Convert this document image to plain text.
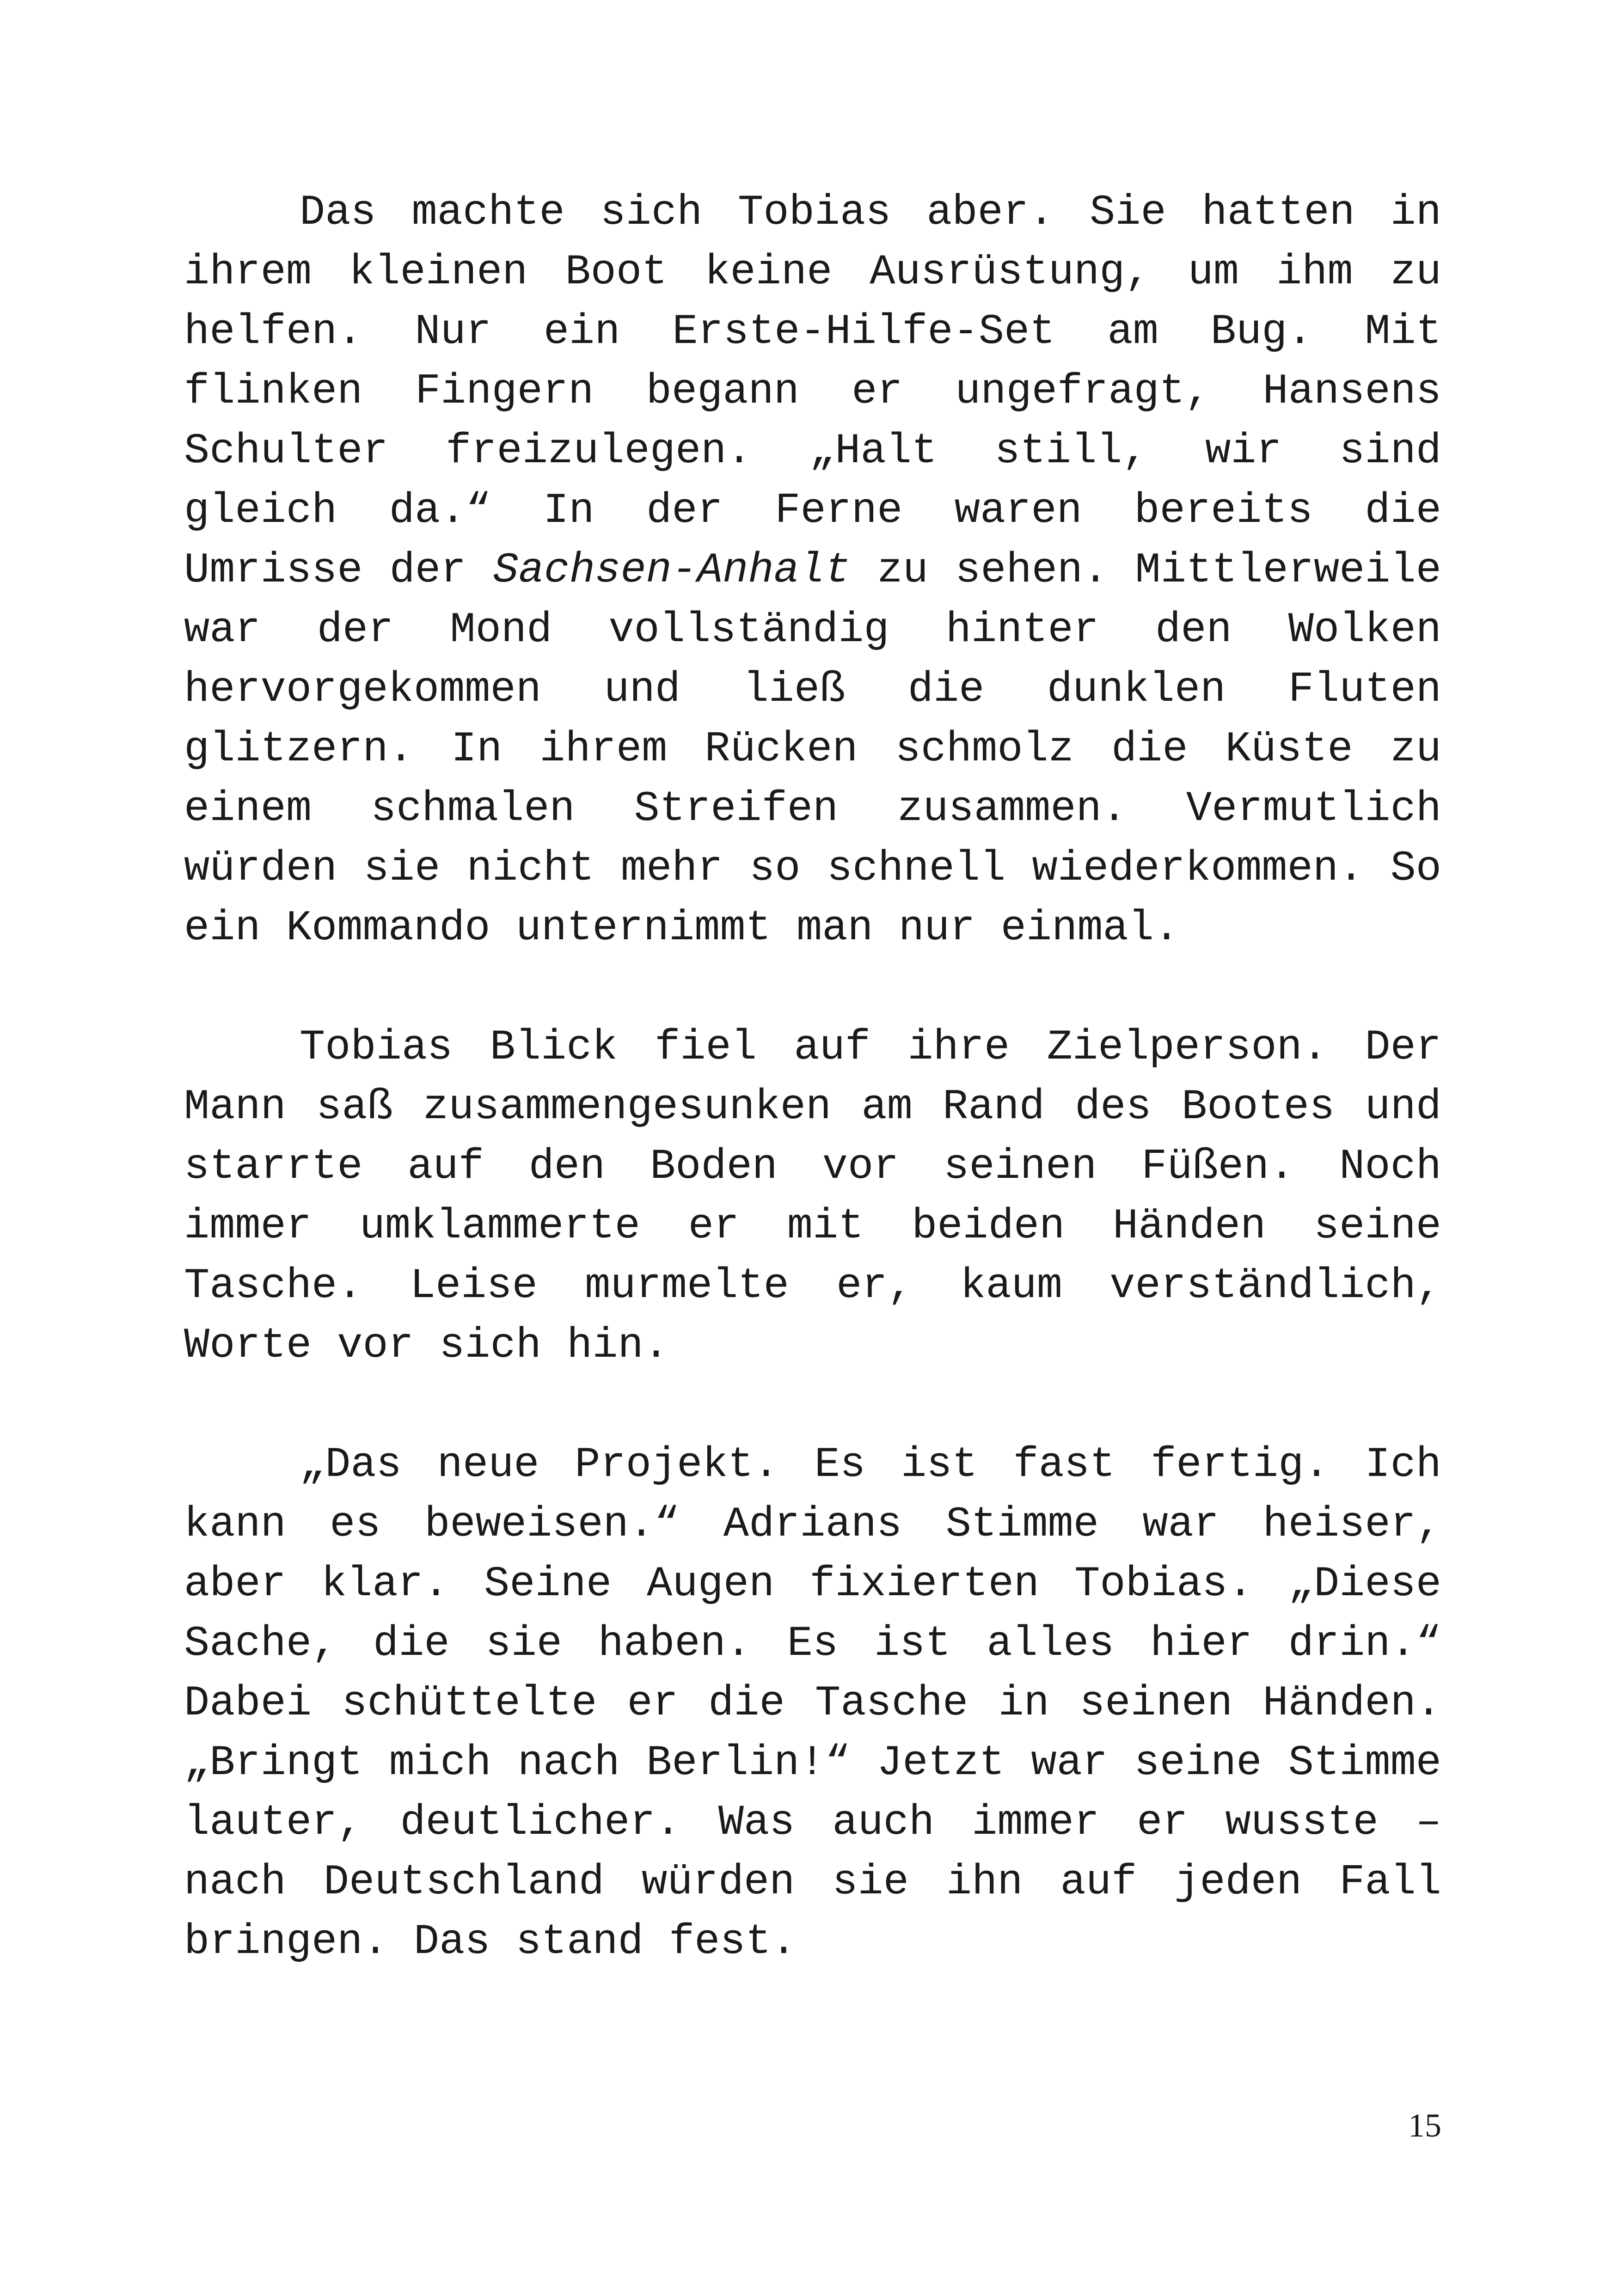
Das machte sich Tobias aber. Sie hatten in ihrem kleinen Boot keine Ausrüstung, um ihm zu helfen. Nur ein Erste-Hilfe-Set am Bug. Mit flinken Fingern begann er ungefragt, Hansens Schulter freizulegen. „Halt still, wir sind gleich da.“ In der Ferne waren bereits die Umrisse der Sachsen-Anhalt zu sehen. Mittlerweile war der Mond vollständig hinter den Wolken hervorgekommen und ließ die dunklen Fluten glitzern. In ihrem Rücken schmolz die Küste zu einem schmalen Streifen zusammen. Vermutlich würden sie nicht mehr so schnell wiederkommen. So ein Kommando unternimmt man nur einmal.

Tobias Blick fiel auf ihre Zielperson. Der Mann saß zusammengesunken am Rand des Bootes und starrte auf den Boden vor seinen Füßen. Noch immer umklammerte er mit beiden Händen seine Tasche. Leise murmelte er, kaum verständlich, Worte vor sich hin.

„Das neue Projekt. Es ist fast fertig. Ich kann es beweisen.“ Adrians Stimme war heiser, aber klar. Seine Augen fixierten Tobias. „Diese Sache, die sie haben. Es ist alles hier drin.“ Dabei schüttelte er die Tasche in seinen Händen. „Bringt mich nach Berlin!“ Jetzt war seine Stimme lauter, deutlicher. Was auch immer er wusste – nach Deutschland würden sie ihn auf jeden Fall bringen. Das stand fest.

15
